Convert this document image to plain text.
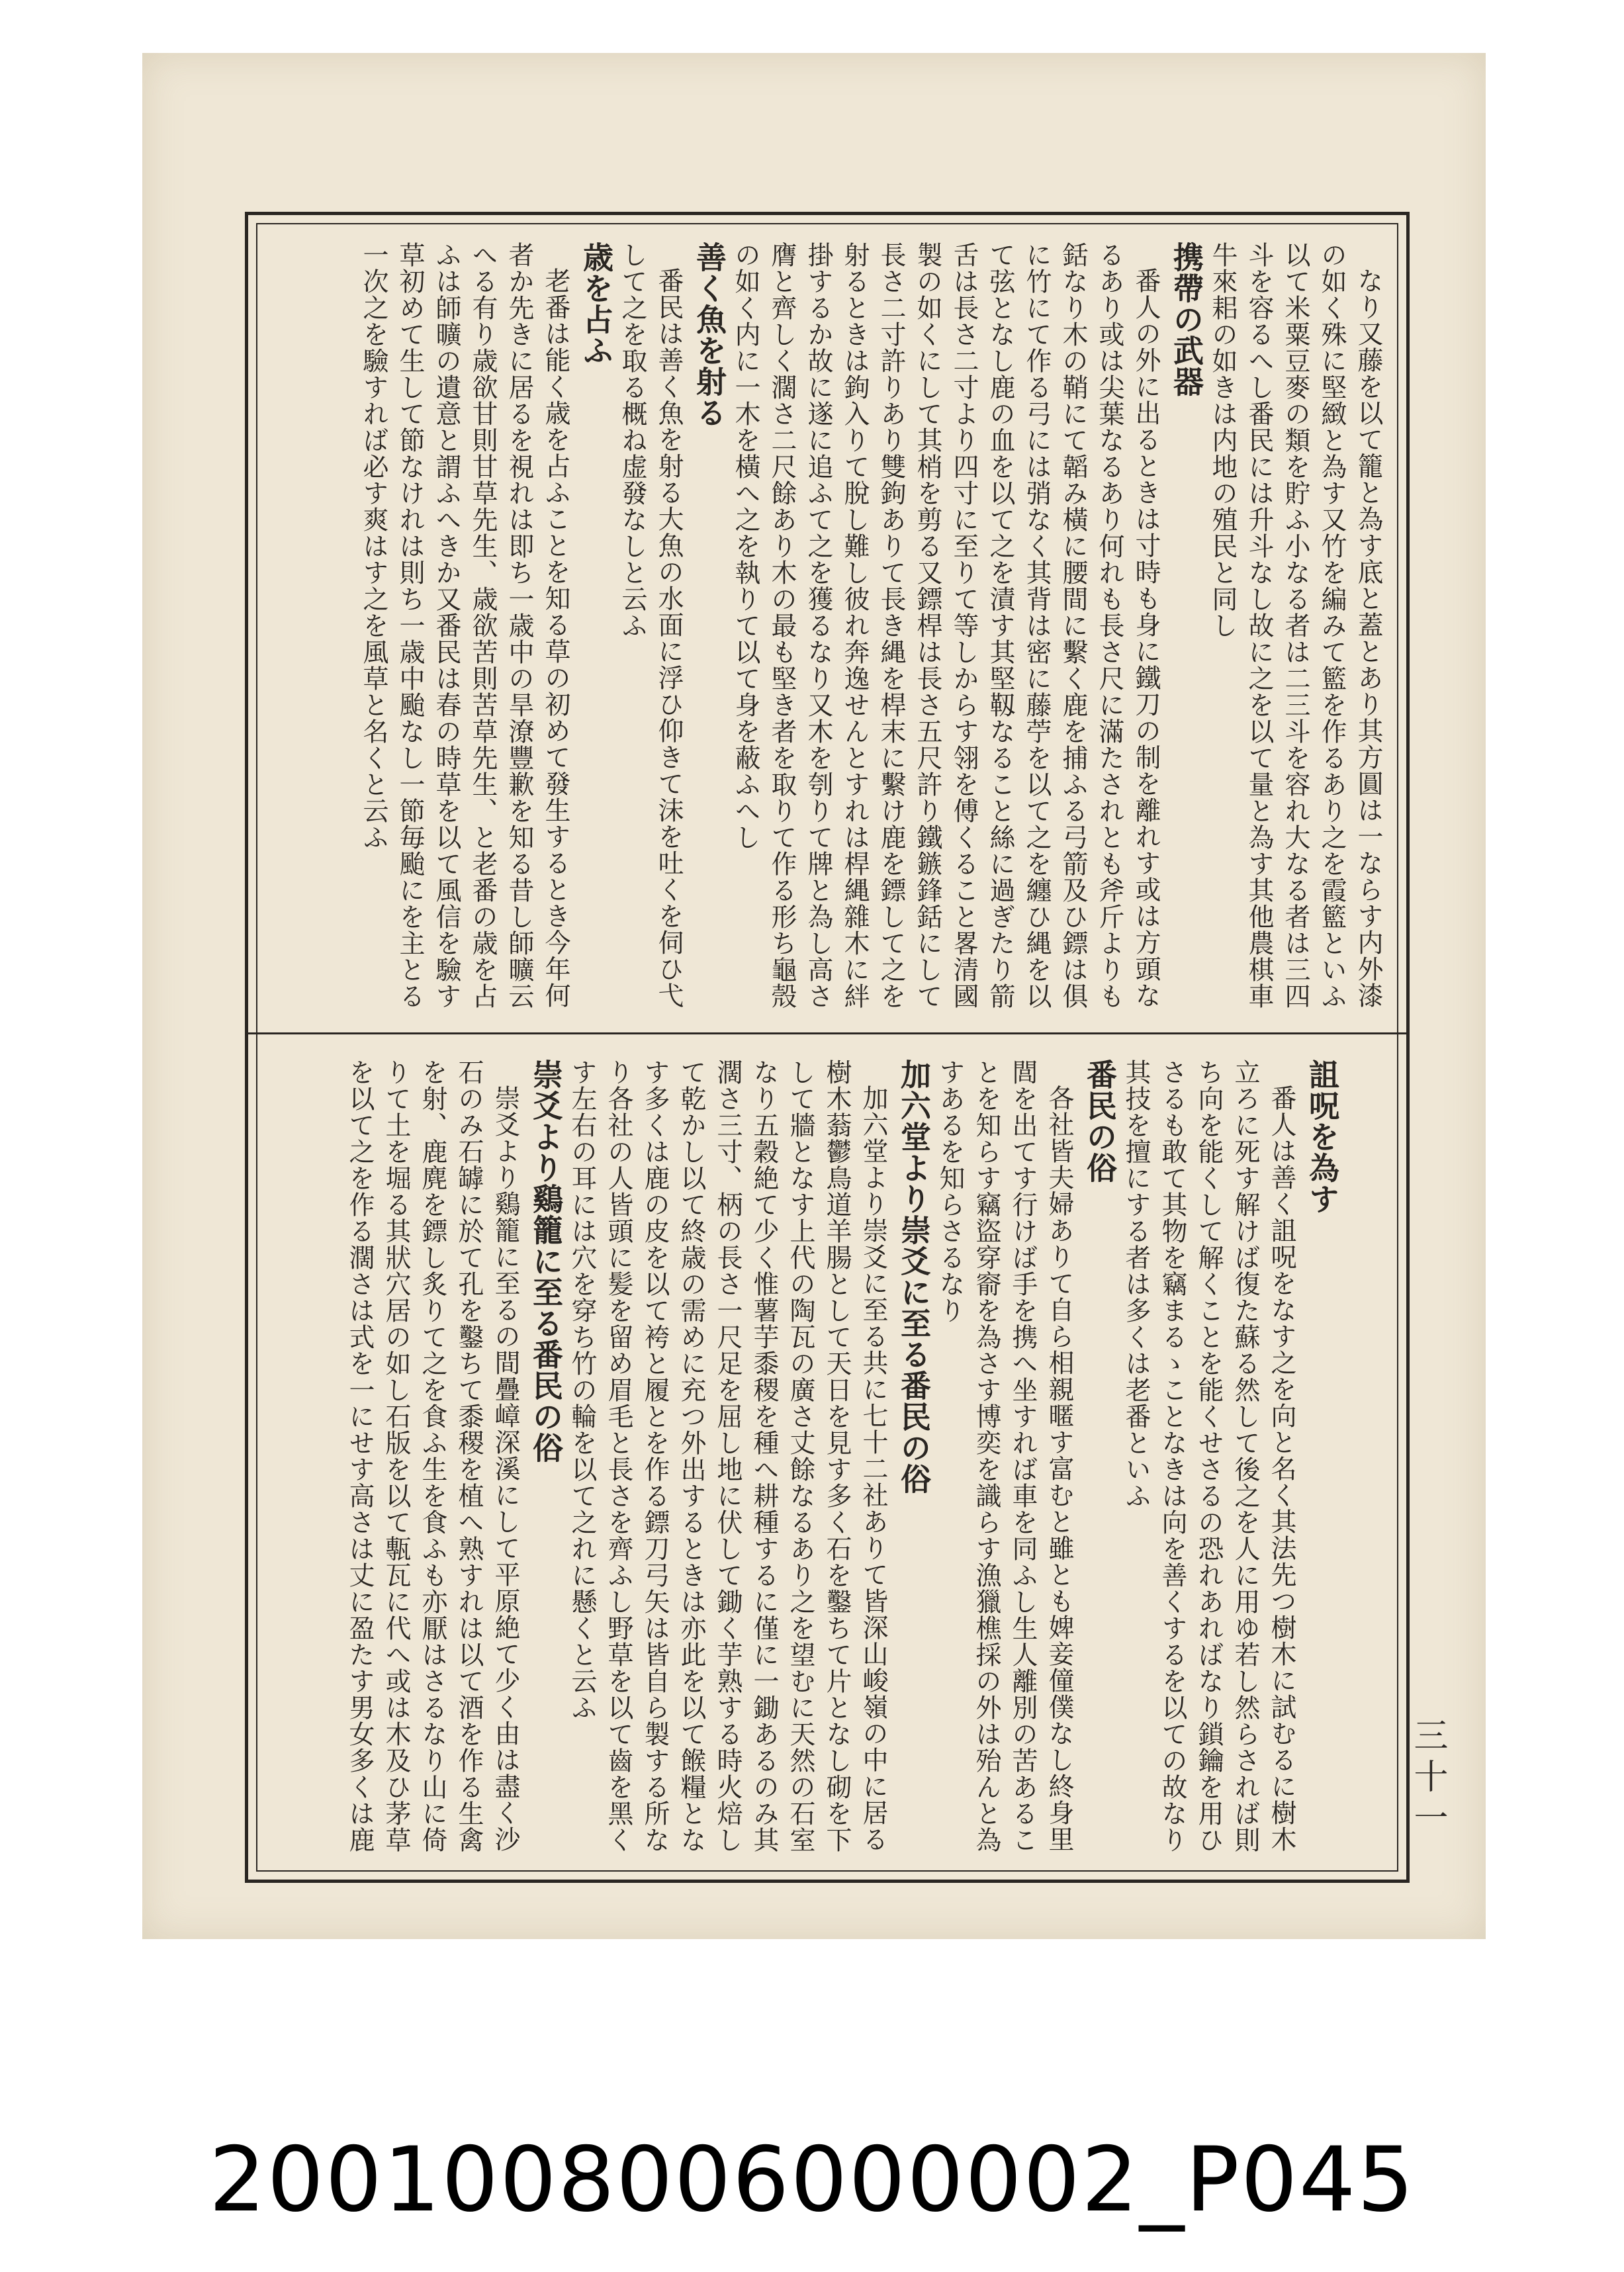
なり又藤を以て籠と為す底と蓋とあり其方圓は一ならす内外漆の如く殊に堅緻と為す又竹を編みて籃を作るあり之を霞籃といふ以て米粟豆麥の類を貯ふ小なる者は二三斗を容れ大なる者は三四斗を容るへし番民には升斗なし故に之を以て量と為す其他農棋車牛來耜の如きは内地の殖民と同し

携帶の武器

番人の外に出るときは寸時も身に鐵刀の制を離れす或は方頭なるあり或は尖葉なるあり何れも長さ尺に滿たされとも斧斤よりも銛なり木の鞘にて韜み橫に腰間に繫く鹿を捕ふる弓箭及ひ鏢は俱に竹にて作る弓には弰なく其背は密に藤苧を以て之を纏ひ縄を以て弦となし鹿の血を以て之を漬す其堅靱なること絲に過ぎたり箭舌は長さ二寸より四寸に至りて等しからす翎を傅くること畧清國製の如くにして其梢を剪る又鏢桿は長さ五尺許り鐵鏃鋒銛にして長さ二寸許りあり雙鉤ありて長き縄を桿末に繫け鹿を鏢して之を射るときは鉤入りて脫し難し彼れ奔逸せんとすれは桿縄雜木に絆掛するか故に遂に追ふて之を獲るなり又木を刳りて牌と為し高さ膺と齊しく濶さ二尺餘あり木の最も堅き者を取りて作る形ち龜殼の如く内に一木を橫へ之を執りて以て身を蔽ふへし

善く魚を射る

番民は善く魚を射る大魚の水面に浮ひ仰きて沫を吐くを伺ひ弋して之を取る概ね虚發なしと云ふ

歳を占ふ

老番は能く歳を占ふことを知る草の初めて發生するとき今年何者か先きに居るを視れは即ち一歳中の旱潦豐歉を知る昔し師曠云へる有り歳欲甘則甘草先生、歳欲苦則苦草先生、と老番の歳を占ふは師曠の遺意と謂ふへきか又番民は春の時草を以て風信を驗す草初めて生して節なけれは則ち一歳中颱なし一節毎颱にを主とる一次之を驗すれば必す爽はす之を風草と名くと云ふ

詛呪を為す

番人は善く詛呪をなす之を向と名く其法先つ樹木に試むるに樹木立ろに死す解けば復た蘇る然して後之を人に用ゆ若し然らされば則ち向を能くして解くことを能くせさるの恐れあればなり鎖鑰を用ひさるも敢て其物を竊まるゝことなきは向を善くするを以ての故なり其技を擅にする者は多くは老番といふ

番民の俗

各社皆夫婦ありて自ら相親暱す富むと雖とも婢妾僮僕なし終身里閭を出てす行けば手を携へ坐すれば車を同ふし生人離別の苦あることを知らす竊盜穿窬を為さす博奕を識らす漁獵樵採の外は殆んと為すあるを知らさるなり

加六堂より崇爻に至る番民の俗

加六堂より崇爻に至る共に七十二社ありて皆深山峻嶺の中に居る樹木蓊鬱鳥道羊腸として天日を見す多く石を鑿ちて片となし砌を下して牆となす上代の陶瓦の廣さ丈餘なるあり之を望むに天然の石室なり五穀絶て少く惟薯芋黍稷を種へ耕種するに僅に一鋤あるのみ其濶さ三寸、柄の長さ一尺足を屈し地に伏して鋤く芋熟する時火焙して乾かし以て終歳の需めに充つ外出するときは亦此を以て餱糧となす多くは鹿の皮を以て袴と履とを作る鏢刀弓矢は皆自ら製する所なり各社の人皆頭に髪を留め眉毛と長さを齊ふし野草を以て齒を黑くす左右の耳には穴を穿ち竹の輪を以て之れに懸くと云ふ

崇爻より鷄籠に至る番民の俗

崇爻より鷄籠に至るの間疊嶂深溪にして平原絶て少く由は盡く沙石のみ石罅に於て孔を鑿ちて黍稷を植へ熟すれは以て酒を作る生禽を射、鹿麂を鏢し炙りて之を食ふ生を食ふも亦厭はさるなり山に倚りて土を堀る其狀穴居の如し石版を以て甎瓦に代へ或は木及ひ茅草を以て之を作る濶さは式を一にせす高さは丈に盈たす男女多くは鹿	三十一
2001008006000002_P045
